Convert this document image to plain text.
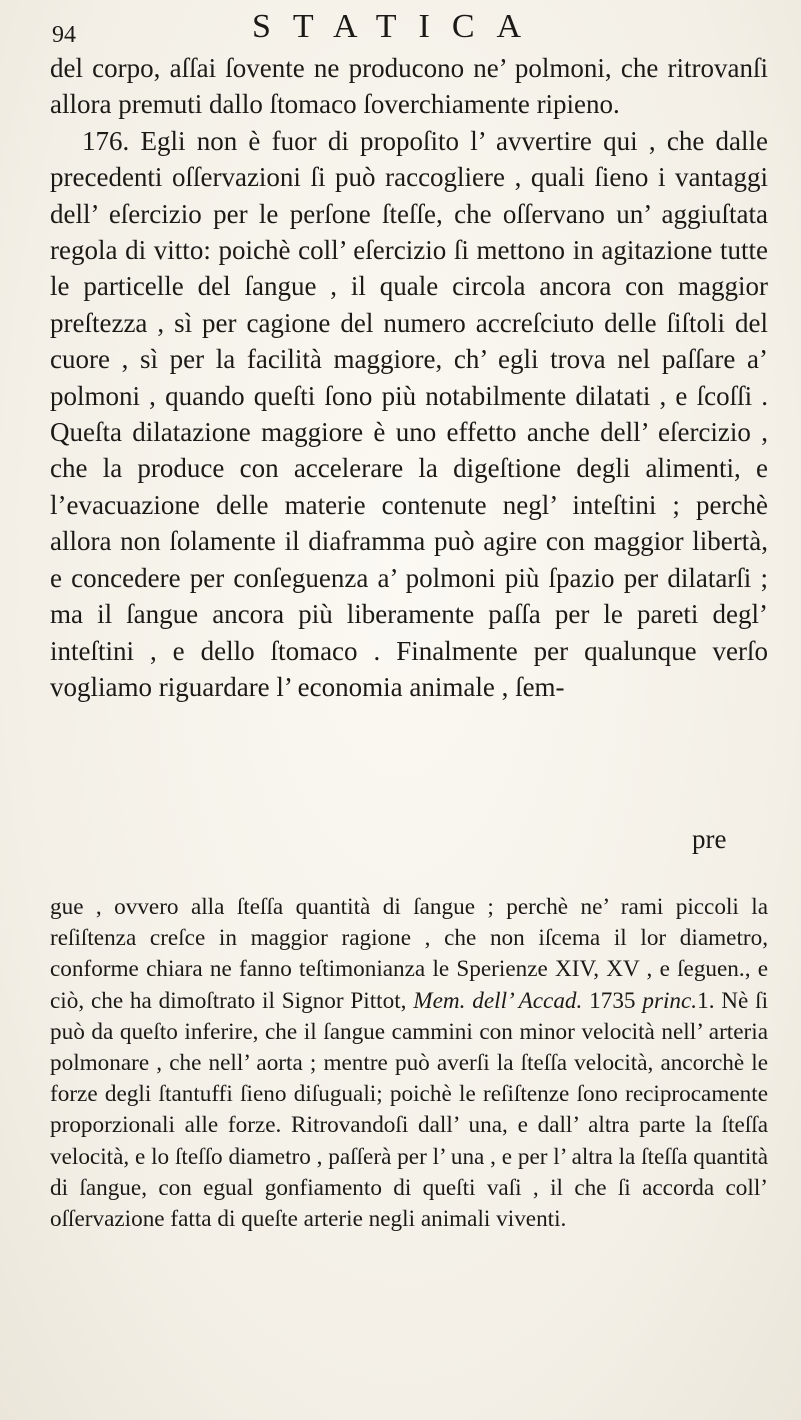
94	STATICA

del corpo, aſſai ſovente ne producono ne’ polmoni, che ritrovanſi allora premuti dallo ſtomaco ſoverchiamente ripieno.

176. Egli non è fuor di propoſito l’ avvertire qui , che dalle precedenti oſſervazioni ſi può raccogliere , quali ſieno i vantaggi dell’ eſercizio per le perſone ſteſſe, che oſſervano un’ aggiuſtata regola di vitto: poichè coll’ eſercizio ſi mettono in agitazione tutte le particelle del ſangue , il quale circola ancora con maggior preſtezza , sì per cagione del numero accreſciuto delle ſiſtoli del cuore , sì per la facilità maggiore, ch’ egli trova nel paſſare a’ polmoni , quando queſti ſono più notabilmente dilatati , e ſcoſſi . Queſta dilatazione maggiore è uno effetto anche dell’ eſercizio , che la produce con accelerare la digeſtione degli alimenti, e l’evacuazione delle materie contenute negl’ inteſtini ; perchè allora non ſolamente il diaframma può agire con maggior libertà, e concedere per conſeguenza a’ polmoni più ſpazio per dilatarſi ; ma il ſangue ancora più liberamente paſſa per le pareti degl’ inteſtini , e dello ſtomaco . Finalmente per qualunque verſo vogliamo riguardare l’ economia animale , ſem-

pre

gue , ovvero alla ſteſſa quantità di ſangue ; perchè ne’ rami piccoli la reſiſtenza creſce in maggior ragione , che non iſcema il lor diametro, conforme chiara ne fanno teſtimonianza le Sperienze XIV, XV , e ſeguen., e ciò, che ha dimoſtrato il Signor Pittot, Mem. dell’ Accad. 1735 princ.1. Nè ſi può da queſto inferire, che il ſangue cammini con minor velocità nell’ arteria polmonare , che nell’ aorta ; mentre può averſi la ſteſſa velocità, ancorchè le forze degli ſtantuffi ſieno diſuguali; poichè le reſiſtenze ſono reciprocamente proporzionali alle forze. Ritrovandoſi dall’ una, e dall’ altra parte la ſteſſa velocità, e lo ſteſſo diametro , paſſerà per l’ una , e per l’ altra la ſteſſa quantità di ſangue, con egual gonfiamento di queſti vaſi , il che ſi accorda coll’ oſſervazione fatta di queſte arterie negli animali viventi.
